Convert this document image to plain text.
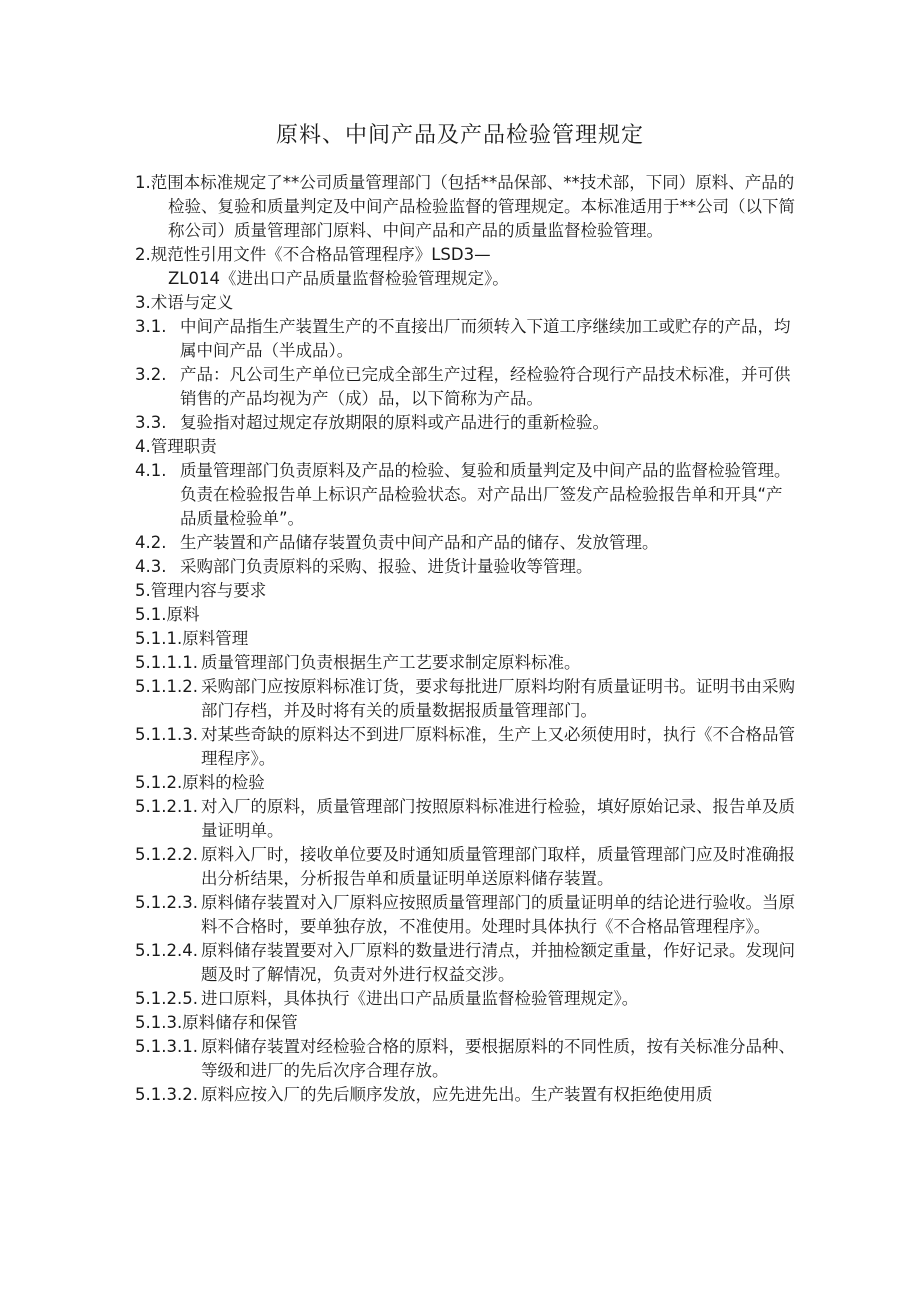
原料、中间产品及产品检验管理规定

1.范围本标准规定了**公司质量管理部门（包括**品保部、**技术部，下同）原料、产品的检验、复验和质量判定及中间产品检验监督的管理规定。本标准适用于**公司（以下简称公司）质量管理部门原料、中间产品和产品的质量监督检验管理。

2.规范性引用文件《不合格品管理程序》LSD3—

ZL014《进出口产品质量监督检验管理规定》。

3.术语与定义

3.1. 中间产品指生产装置生产的不直接出厂而须转入下道工序继续加工或贮存的产品，均属中间产品（半成品）。
3.2. 产品：凡公司生产单位已完成全部生产过程，经检验符合现行产品技术标准，并可供销售的产品均视为产（成）品，以下简称为产品。
3.3. 复验指对超过规定存放期限的原料或产品进行的重新检验。

4.管理职责

4.1. 质量管理部门负责原料及产品的检验、复验和质量判定及中间产品的监督检验管理。负责在检验报告单上标识产品检验状态。对产品出厂签发产品检验报告单和开具“产品质量检验单”。
4.2. 生产装置和产品储存装置负责中间产品和产品的储存、发放管理。
4.3. 采购部门负责原料的采购、报验、进货计量验收等管理。

5.管理内容与要求

5.1.原料

5.1.1.原料管理

5.1.1.1. 质量管理部门负责根据生产工艺要求制定原料标准。
5.1.1.2. 采购部门应按原料标准订货，要求每批进厂原料均附有质量证明书。证明书由采购部门存档，并及时将有关的质量数据报质量管理部门。
5.1.1.3. 对某些奇缺的原料达不到进厂原料标准，生产上又必须使用时，执行《不合格品管理程序》。

5.1.2.原料的检验

5.1.2.1. 对入厂的原料，质量管理部门按照原料标准进行检验，填好原始记录、报告单及质量证明单。
5.1.2.2. 原料入厂时，接收单位要及时通知质量管理部门取样，质量管理部门应及时准确报出分析结果，分析报告单和质量证明单送原料储存装置。
5.1.2.3. 原料储存装置对入厂原料应按照质量管理部门的质量证明单的结论进行验收。当原料不合格时，要单独存放，不准使用。处理时具体执行《不合格品管理程序》。
5.1.2.4. 原料储存装置要对入厂原料的数量进行清点，并抽检额定重量，作好记录。发现问题及时了解情况，负责对外进行权益交涉。
5.1.2.5. 进口原料，具体执行《进出口产品质量监督检验管理规定》。

5.1.3.原料储存和保管

5.1.3.1. 原料储存装置对经检验合格的原料，要根据原料的不同性质，按有关标准分品种、等级和进厂的先后次序合理存放。
5.1.3.2. 原料应按入厂的先后顺序发放，应先进先出。生产装置有权拒绝使用质
